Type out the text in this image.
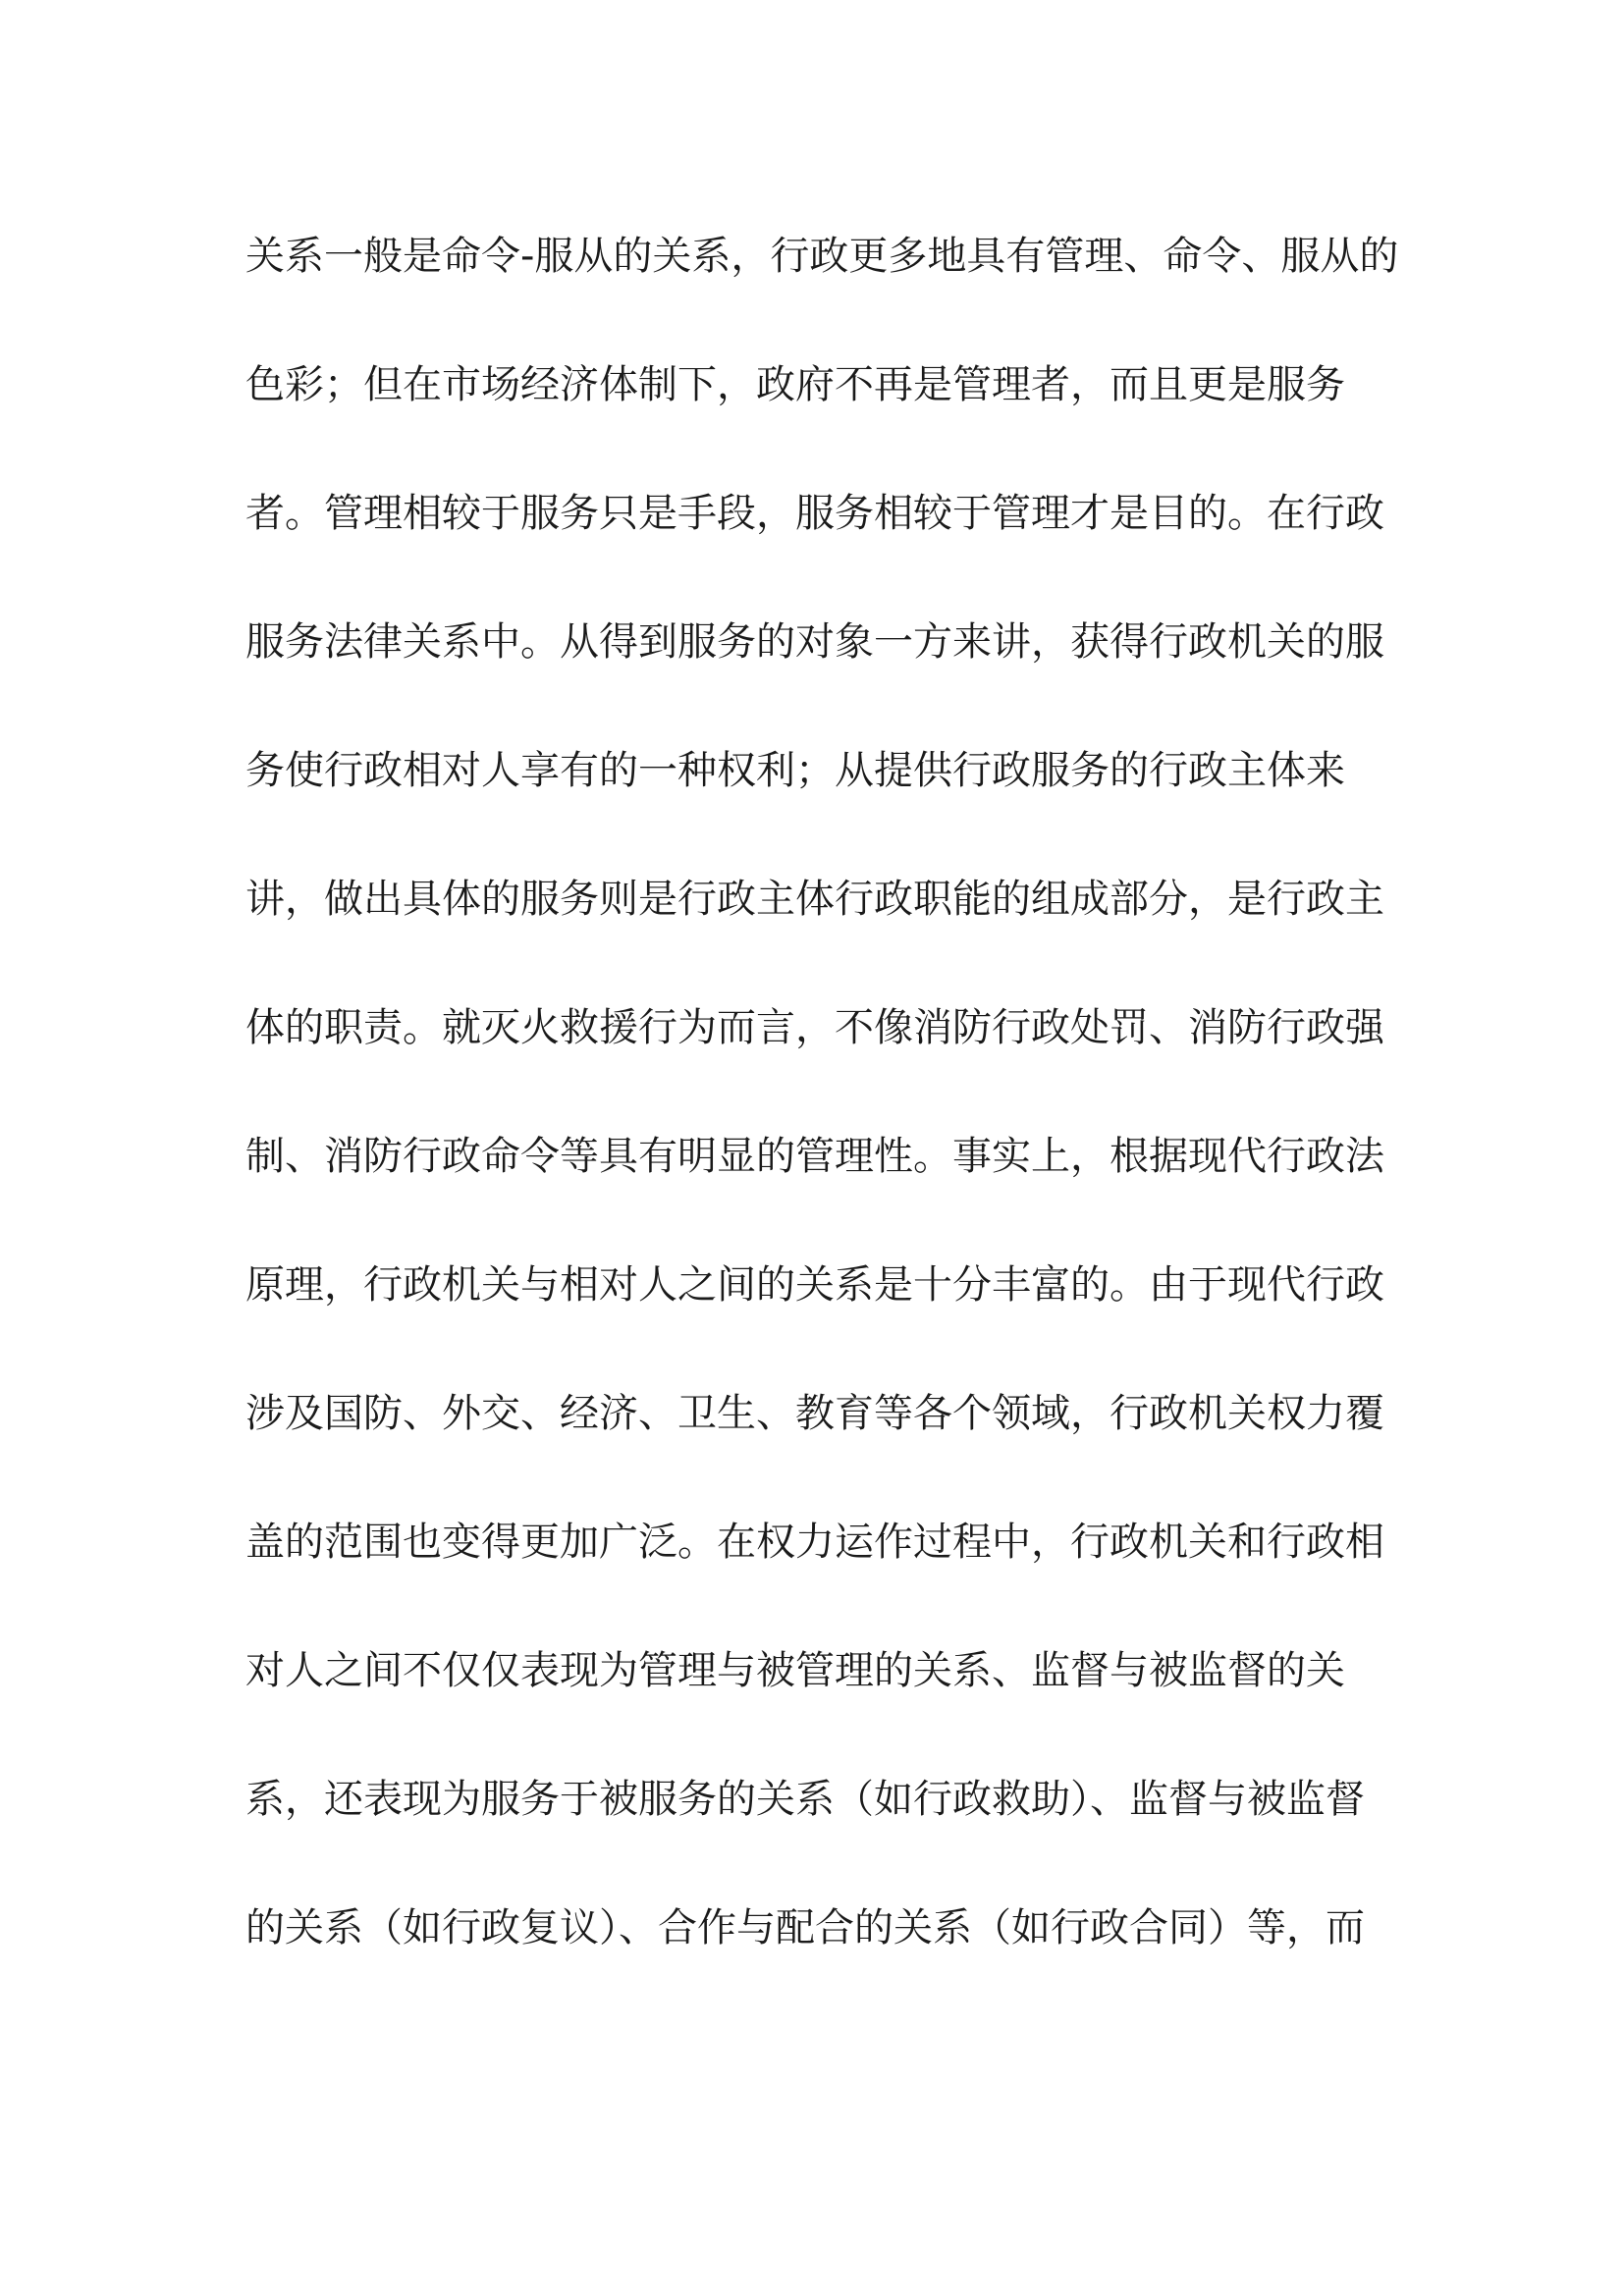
关系一般是命令-服从的关系，行政更多地具有管理、命令、服从的
色彩；但在市场经济体制下，政府不再是管理者，而且更是服务
者。管理相较于服务只是手段，服务相较于管理才是目的。在行政
服务法律关系中。从得到服务的对象一方来讲，获得行政机关的服
务使行政相对人享有的一种权利；从提供行政服务的行政主体来
讲，做出具体的服务则是行政主体行政职能的组成部分，是行政主
体的职责。就灭火救援行为而言，不像消防行政处罚、消防行政强
制、消防行政命令等具有明显的管理性。事实上，根据现代行政法
原理，行政机关与相对人之间的关系是十分丰富的。由于现代行政
涉及国防、外交、经济、卫生、教育等各个领域，行政机关权力覆
盖的范围也变得更加广泛。在权力运作过程中，行政机关和行政相
对人之间不仅仅表现为管理与被管理的关系、监督与被监督的关
系，还表现为服务于被服务的关系（如行政救助）、监督与被监督
的关系（如行政复议）、合作与配合的关系（如行政合同）等，而
